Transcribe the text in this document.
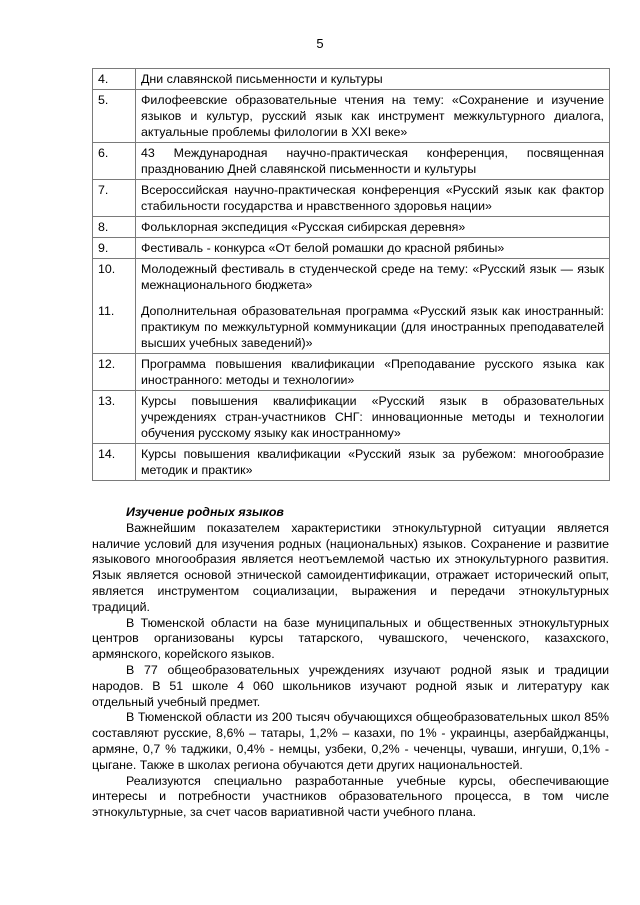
5
4.	Дни славянской письменности и культуры
5.	Филофеевские образовательные чтения на тему: «Сохранение и изучение языков и культур, русский язык как инструмент межкультурного диалога, актуальные проблемы филологии в XXI веке»
6.	43 Международная научно-практическая конференция, посвященная празднованию Дней славянской письменности и культуры
7.	Всероссийская научно-практическая конференция «Русский язык как фактор стабильности государства и нравственного здоровья нации»
8.	Фольклорная экспедиция «Русская сибирская деревня»
9.	Фестиваль - конкурса «От белой ромашки до красной рябины»
10.	Молодежный фестиваль в студенческой среде на тему: «Русский язык — язык межнационального бюджета»
11.	Дополнительная образовательная программа «Русский язык как иностранный: практикум по межкультурной коммуникации (для иностранных преподавателей высших учебных заведений)»
12.	Программа повышения квалификации «Преподавание русского языка как иностранного: методы и технологии»
13.	Курсы повышения квалификации «Русский язык в образовательных учреждениях стран-участников СНГ: инновационные методы и технологии обучения русскому языку как иностранному»
14.	Курсы повышения квалификации «Русский язык за рубежом: многообразие методик и практик»
Изучение родных языков

Важнейшим показателем характеристики этнокультурной ситуации является наличие условий для изучения родных (национальных) языков. Сохранение и развитие языкового многообразия является неотъемлемой частью их этнокультурного развития. Язык является основой этнической самоидентификации, отражает исторический опыт, является инструментом социализации, выражения и передачи этнокультурных традиций.

В Тюменской области на базе муниципальных и общественных этнокультурных центров организованы курсы татарского, чувашского, чеченского, казахского, армянского, корейского языков.

В 77 общеобразовательных учреждениях изучают родной язык и традиции народов. В 51 школе 4 060 школьников изучают родной язык и литературу как отдельный учебный предмет.

В Тюменской области из 200 тысяч обучающихся общеобразовательных школ 85% составляют русские, 8,6% – татары, 1,2% – казахи, по 1% - украинцы, азербайджанцы, армяне, 0,7 % таджики, 0,4% - немцы, узбеки, 0,2% - чеченцы, чуваши, ингуши, 0,1% - цыгане. Также в школах региона обучаются дети других национальностей.

Реализуются специально разработанные учебные курсы, обеспечивающие интересы и потребности участников образовательного процесса, в том числе этнокультурные, за счет часов вариативной части учебного плана.
